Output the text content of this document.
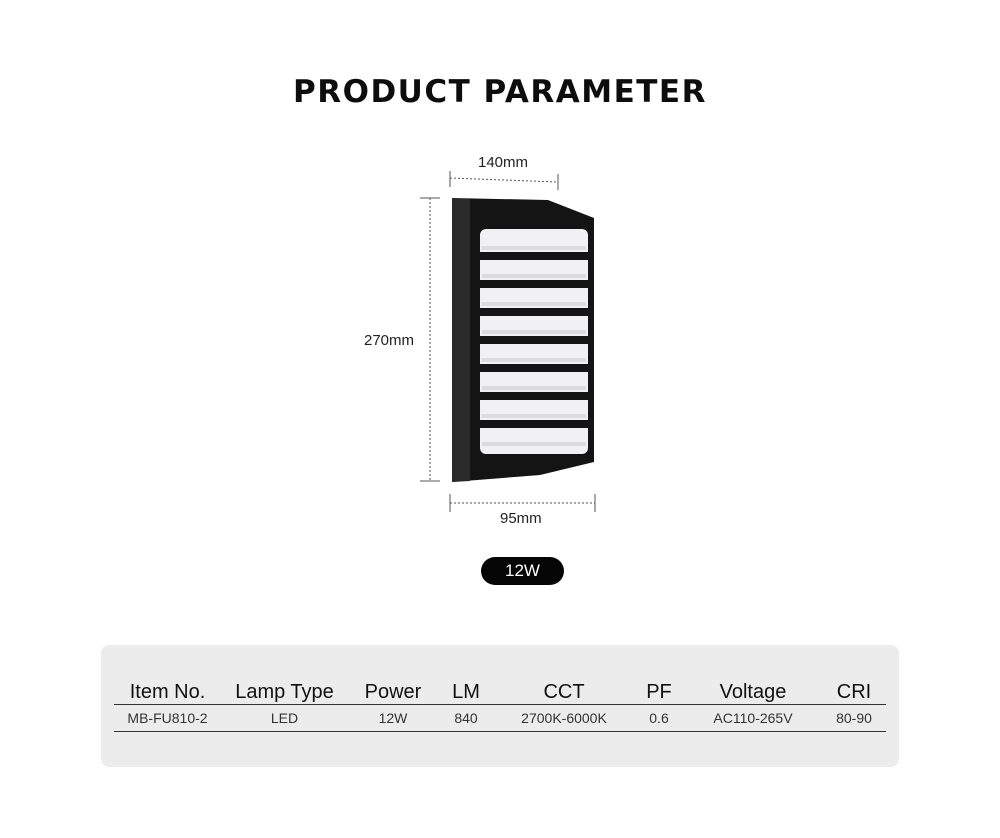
PRODUCT PARAMETER
140mm
270mm
95mm
12W
Item No.	Lamp Type	Power	LM	CCT	PF	Voltage	CRI
MB-FU810-2	LED	12W	840	2700K-6000K	0.6	AC110-265V	80-90
